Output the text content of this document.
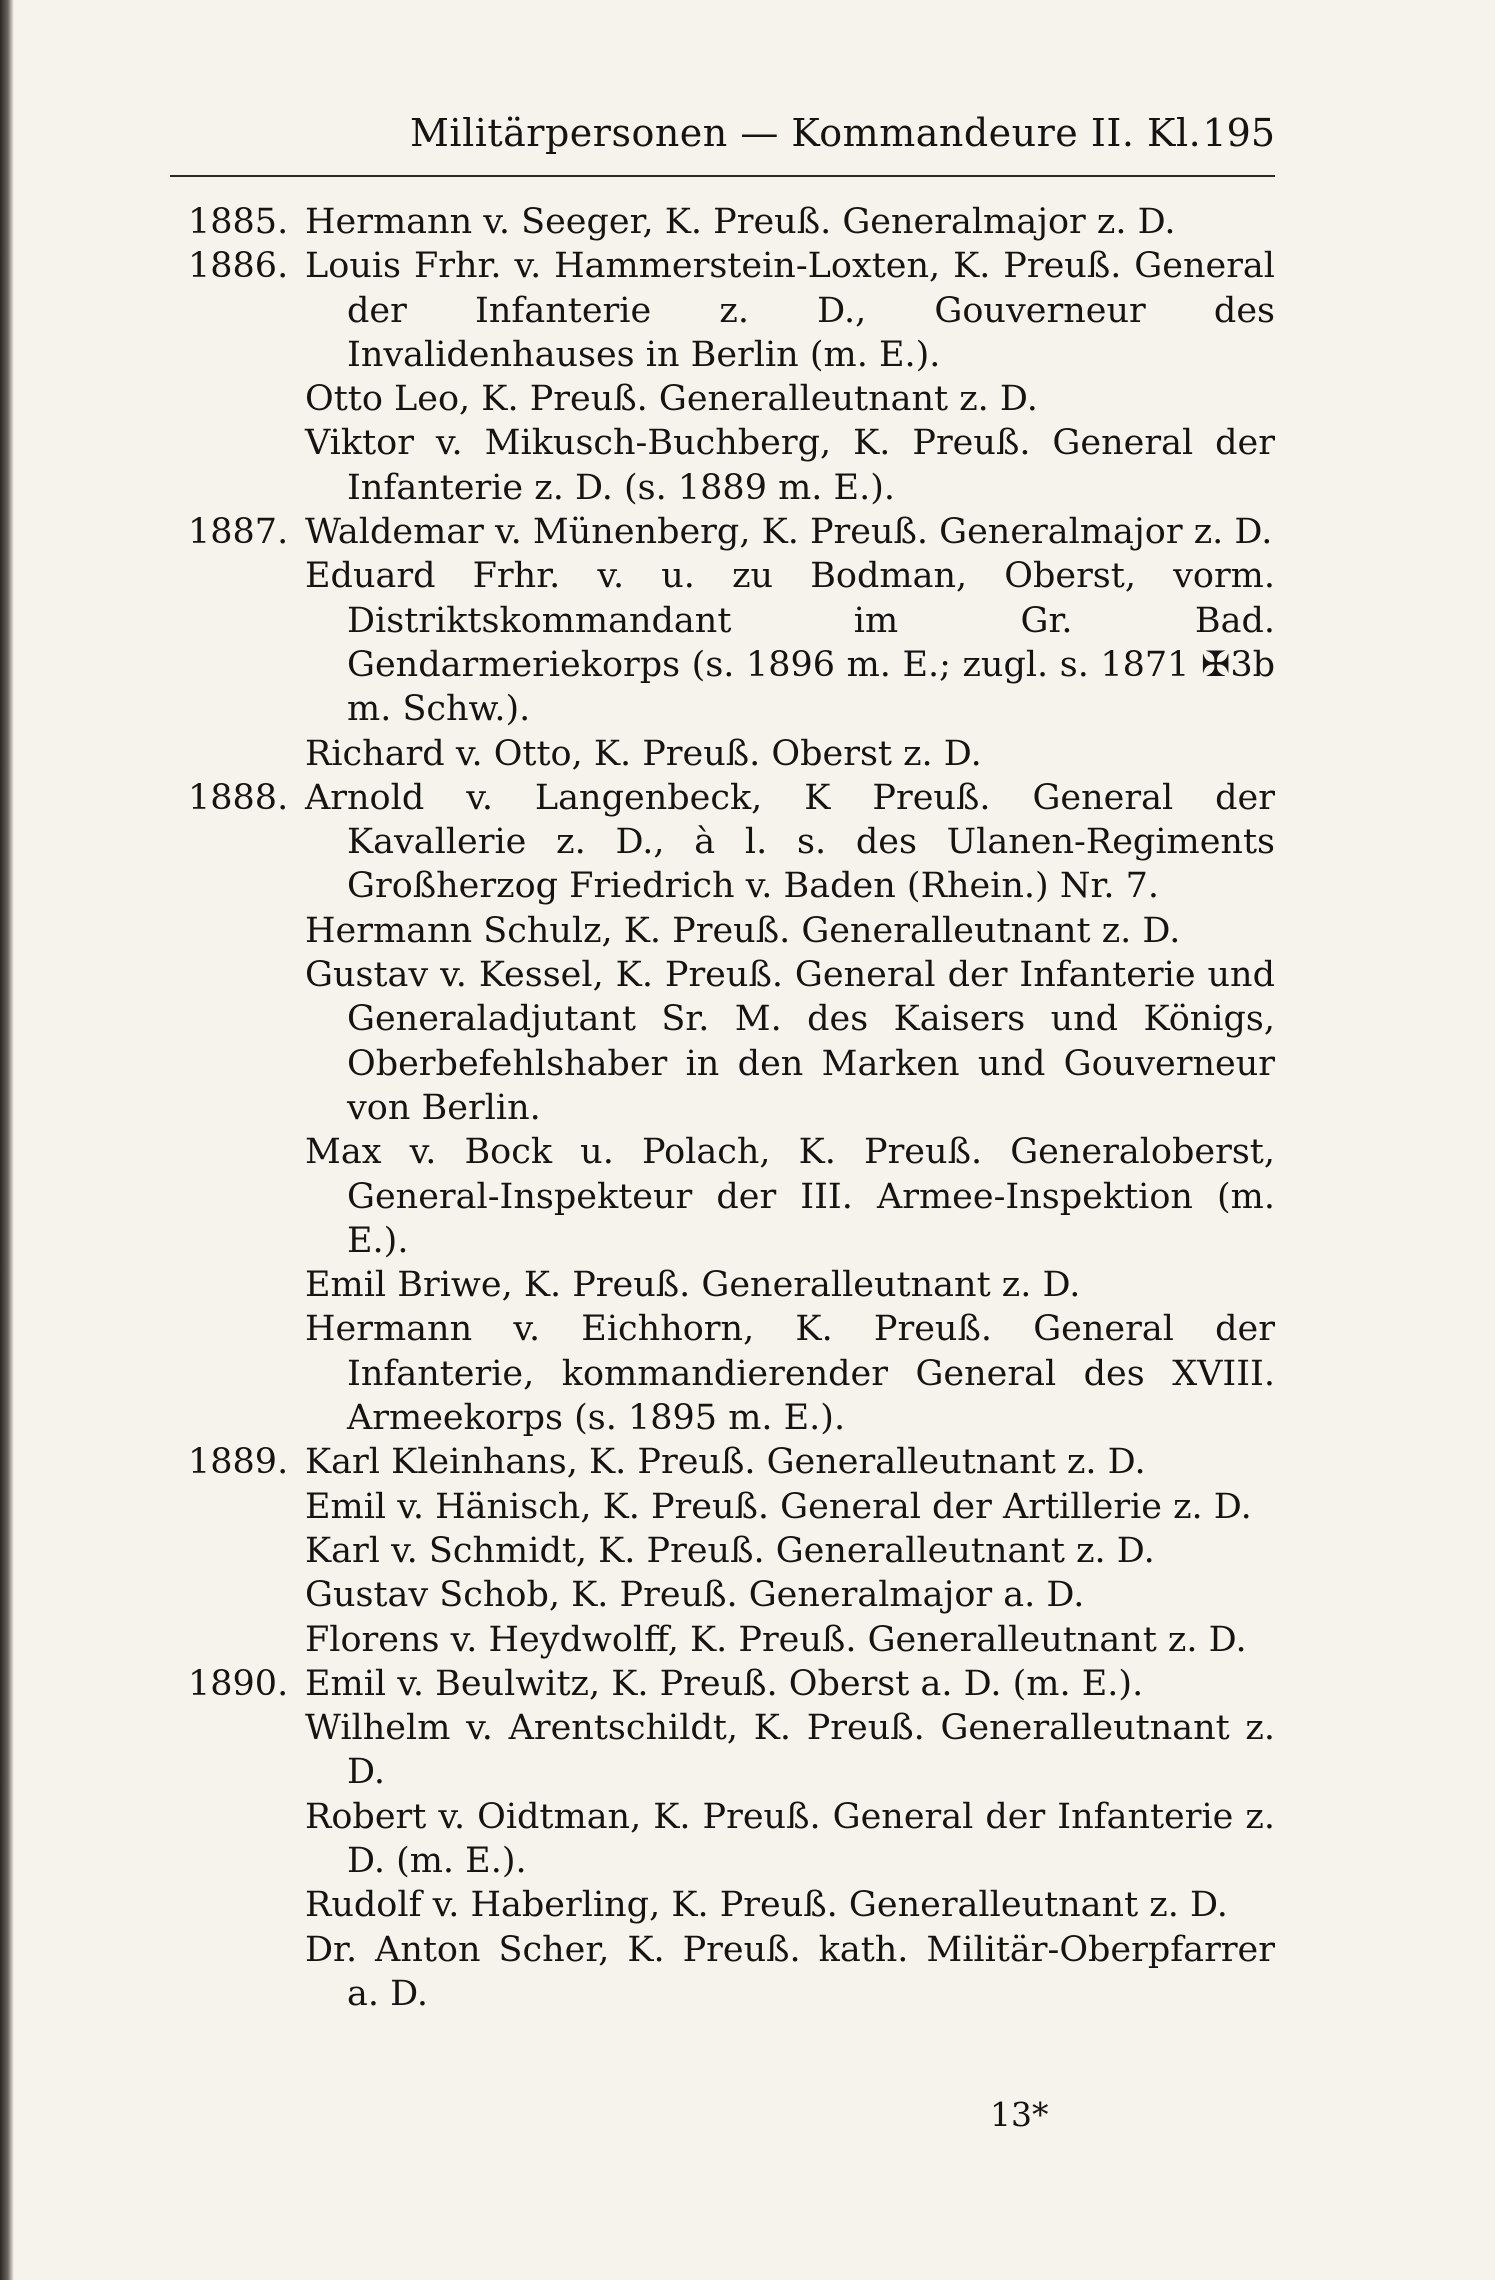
Militärpersonen — Kommandeure II. Kl. 195

1885. Hermann v. Seeger, K. Preuß. Generalmajor z. D.

1886. Louis Frhr. v. Hammerstein-Loxten, K. Preuß. General der Infanterie z. D., Gouverneur des Invalidenhauses in Berlin (m. E.).

Otto Leo, K. Preuß. Generalleutnant z. D.

Viktor v. Mikusch-Buchberg, K. Preuß. General der Infanterie z. D. (s. 1889 m. E.).

1887. Waldemar v. Münenberg, K. Preuß. Generalmajor z. D.

Eduard Frhr. v. u. zu Bodman, Oberst, vorm. Distriktskommandant im Gr. Bad. Gendarmeriekorps (s. 1896 m. E.; zugl. s. 1871 ✠3b m. Schw.).

Richard v. Otto, K. Preuß. Oberst z. D.

1888. Arnold v. Langenbeck, K Preuß. General der Kavallerie z. D., à l. s. des Ulanen-Regiments Großherzog Friedrich v. Baden (Rhein.) Nr. 7.

Hermann Schulz, K. Preuß. Generalleutnant z. D.

Gustav v. Kessel, K. Preuß. General der Infanterie und Generaladjutant Sr. M. des Kaisers und Königs, Oberbefehlshaber in den Marken und Gouverneur von Berlin.

Max v. Bock u. Polach, K. Preuß. Generaloberst, General-Inspekteur der III. Armee-Inspektion (m. E.).

Emil Briwe, K. Preuß. Generalleutnant z. D.

Hermann v. Eichhorn, K. Preuß. General der Infanterie, kommandierender General des XVIII. Armeekorps (s. 1895 m. E.).

1889. Karl Kleinhans, K. Preuß. Generalleutnant z. D.

Emil v. Hänisch, K. Preuß. General der Artillerie z. D.

Karl v. Schmidt, K. Preuß. Generalleutnant z. D.

Gustav Schob, K. Preuß. Generalmajor a. D.

Florens v. Heydwolff, K. Preuß. Generalleutnant z. D.

1890. Emil v. Beulwitz, K. Preuß. Oberst a. D. (m. E.).

Wilhelm v. Arentschildt, K. Preuß. Generalleutnant z. D.

Robert v. Oidtman, K. Preuß. General der Infanterie z. D. (m. E.).

Rudolf v. Haberling, K. Preuß. Generalleutnant z. D.

Dr. Anton Scher, K. Preuß. kath. Militär-Oberpfarrer a. D.

13*
